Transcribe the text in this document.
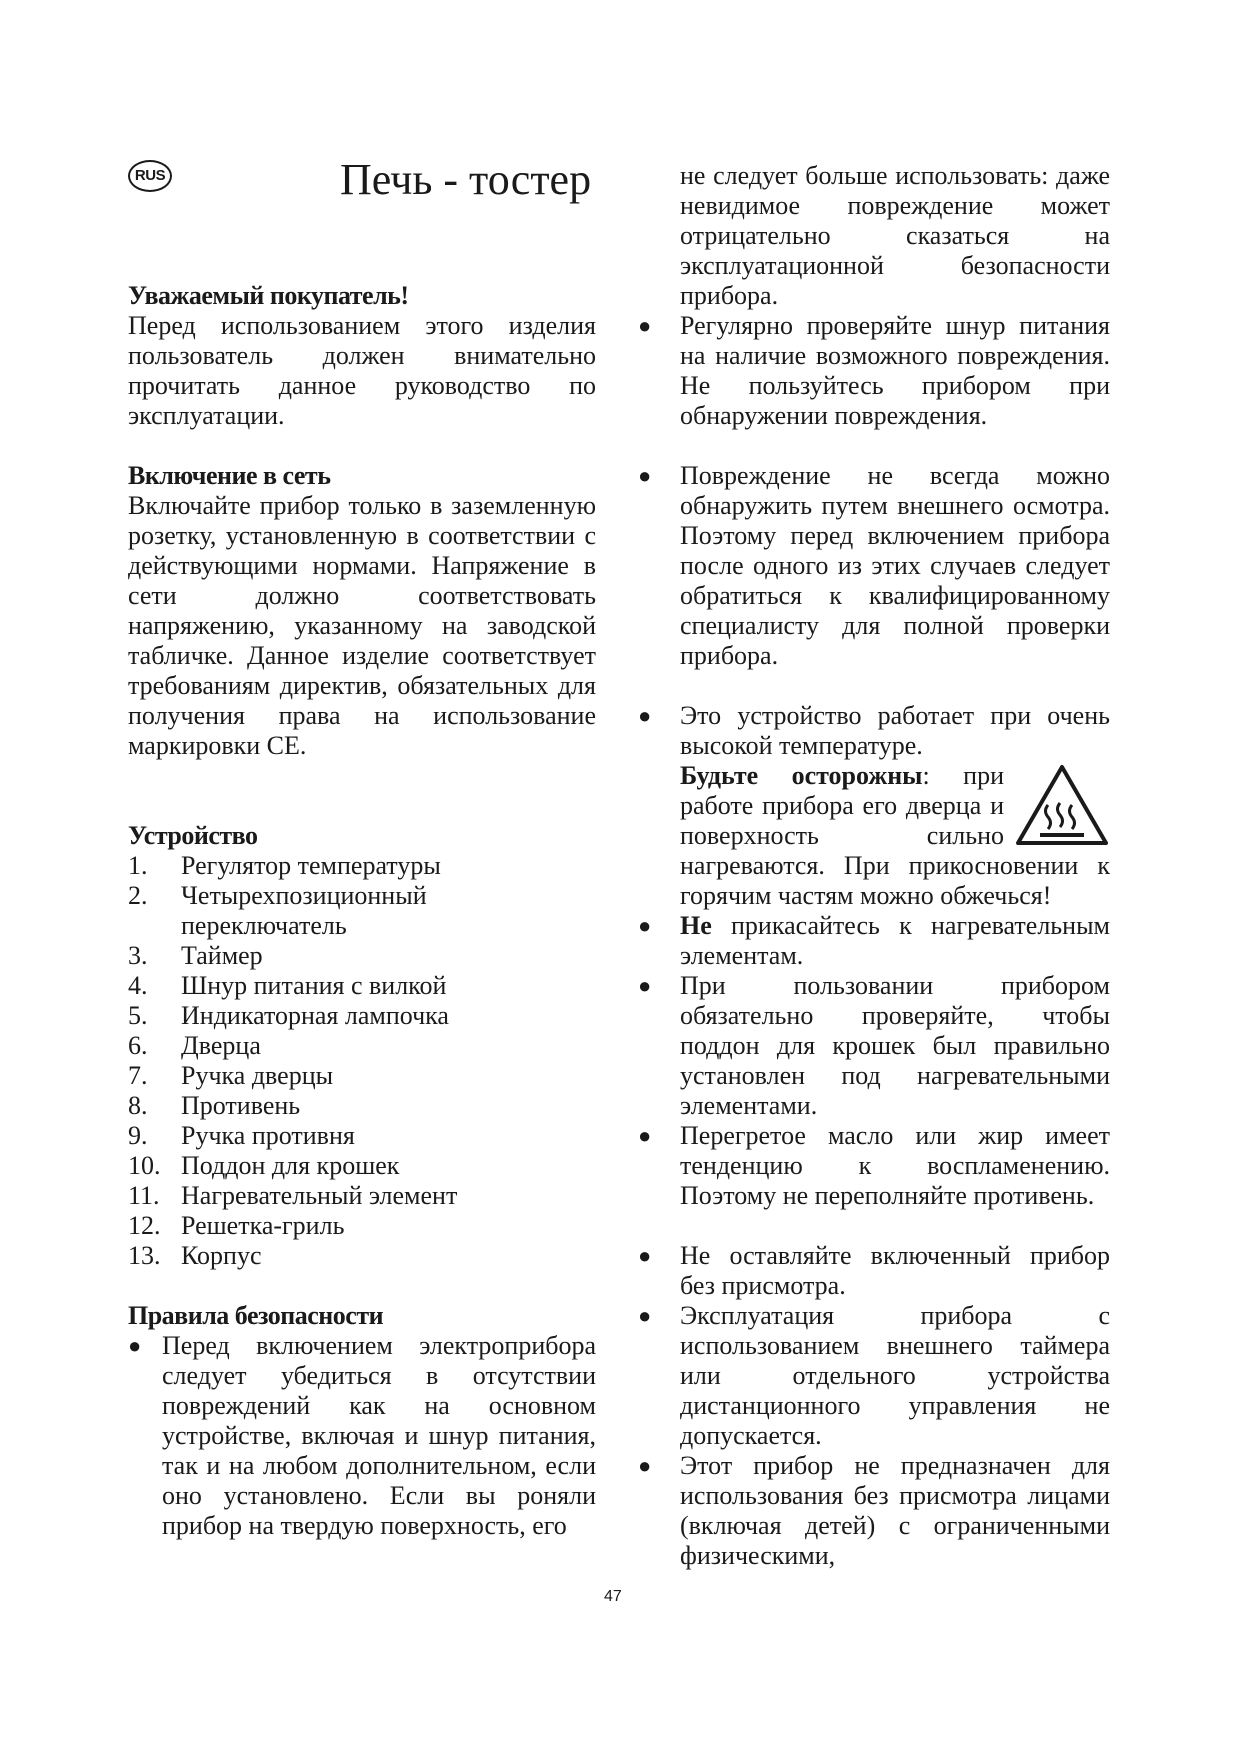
RUS	Печь - тостер
Уважаемый покупатель!
Перед использованием этого изделия пользователь должен внимательно прочитать данное руководство по эксплуатации.
Включение в сеть
Включайте прибор только в заземленную розетку, установленную в соответствии с действующими нормами. Напряжение в сети должно соответствовать напряжению, указанному на заводской табличке. Данное изделие соответствует требованиям директив, обязательных для получения права на использование маркировки CE.
Устройство
1. Регулятор температуры
2. Четырехпозиционный переключатель
3. Таймер
4. Шнур питания с вилкой
5. Индикаторная лампочка
6. Дверца
7. Ручка дверцы
8. Противень
9. Ручка противня
10. Поддон для крошек
11. Нагревательный элемент
12. Решетка-гриль
13. Корпус
Правила безопасности
● Перед включением электроприбора следует убедиться в отсутствии повреждений как на основном устройстве, включая и шнур питания, так и на любом дополнительном, если оно установлено. Если вы роняли прибор на твердую поверхность, его
не следует больше использовать: даже невидимое повреждение может отрицательно сказаться на эксплуатационной безопасности прибора.
● Регулярно проверяйте шнур питания на наличие возможного повреждения. Не пользуйтесь прибором при обнаружении повреждения.
● Повреждение не всегда можно обнаружить путем внешнего осмотра. Поэтому перед включением прибора после одного из этих случаев следует обратиться к квалифицированному специалисту для полной проверки прибора.
● Это устройство работает при очень высокой температуре.
Будьте осторожны: при работе прибора его дверца и поверхность сильно нагреваются. При прикосновении к горячим частям можно обжечься!
● Не прикасайтесь к нагревательным элементам.
● При пользовании прибором обязательно проверяйте, чтобы поддон для крошек был правильно установлен под нагревательными элементами.
● Перегретое масло или жир имеет тенденцию к воспламенению. Поэтому не переполняйте противень.
● Не оставляйте включенный прибор без присмотра.
● Эксплуатация прибора с использованием внешнего таймера или отдельного устройства дистанционного управления не допускается.
● Этот прибор не предназначен для использования без присмотра лицами (включая детей) с ограниченными физическими,
47
